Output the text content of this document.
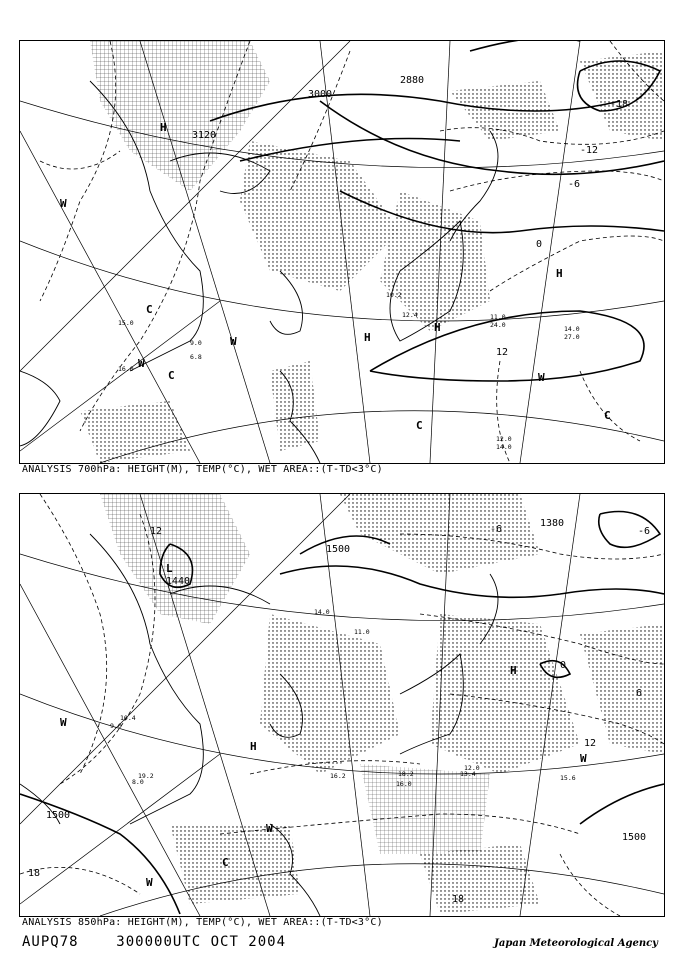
3000
3120
2880
-12
-18
-6
0
12
H
H
H
H
C
C
C
C
W
W
W
W
11.0
24.0	14.0
27.0
12.0
14.0
16.0
15.0
9.0
10.2
12.4
6.8
ANALYSIS 700hPa: HEIGHT(M), TEMP(°C), WET AREA::(T-TD<3°C)
1500
1440
1380
1500
1500
12
12
18
18
-6	-6
0
6
H
H
L
C
W
W
W
W
14.0
16.0
18.2	15.6
12.0
10.4
9.0
8.0
19.2	16.2	13.4
11.0
ANALYSIS 850hPa: HEIGHT(M), TEMP(°C), WET AREA::(T-TD<3°C)
AUPQ78	300000UTC OCT 2004	Japan Meteorological Agency
